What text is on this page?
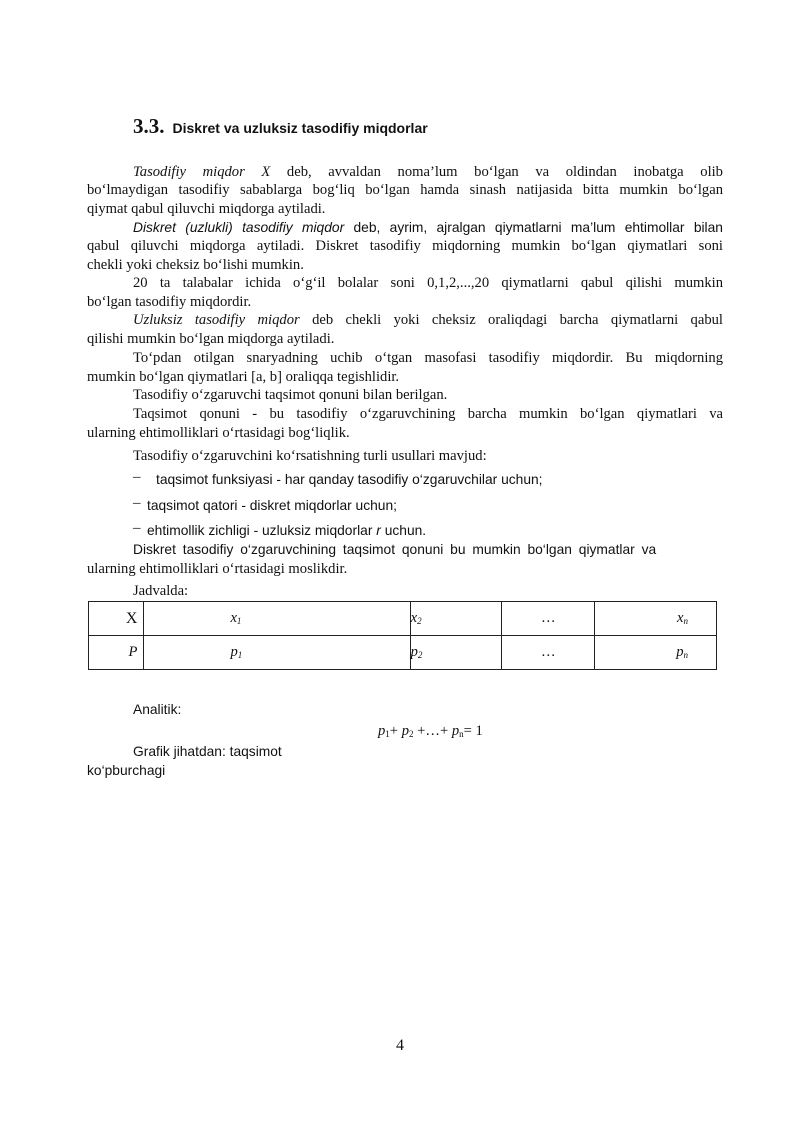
3.3. Diskret va uzluksiz tasodifiy miqdorlar
Tasodifiy miqdor X deb, avvaldan noma’lum bo‘lgan va oldindan inobatga olib
bo‘lmaydigan tasodifiy sabablarga bog‘liq bo‘lgan hamda sinash natijasida bitta mumkin bo‘lgan
qiymat qabul qiluvchi miqdorga aytiladi.
Diskret (uzlukli) tasodifiy miqdor deb, ayrim, ajralgan qiymatlarni ma’lum ehtimollar bilan
qabul qiluvchi miqdorga aytiladi. Diskret tasodifiy miqdorning mumkin bo‘lgan qiymatlari soni
chekli yoki cheksiz bo‘lishi mumkin.
20 ta talabalar ichida o‘g‘il bolalar soni 0,1,2,...,20 qiymatlarni qabul qilishi mumkin
bo‘lgan tasodifiy miqdordir.
Uzluksiz tasodifiy miqdor deb chekli yoki cheksiz oraliqdagi barcha qiymatlarni qabul
qilishi mumkin bo‘lgan miqdorga aytiladi.
To‘pdan otilgan snaryadning uchib o‘tgan masofasi tasodifiy miqdordir. Bu miqdorning
mumkin bo‘lgan qiymatlari [a, b] oraliqqa tegishlidir.
Tasodifiy o‘zgaruvchi taqsimot qonuni bilan berilgan.
Taqsimot qonuni - bu tasodifiy o‘zgaruvchining barcha mumkin bo‘lgan qiymatlari va
ularning ehtimolliklari o‘rtasidagi bog‘liqlik.
Tasodifiy o‘zgaruvchini ko‘rsatishning turli usullari mavjud:
– taqsimot funksiyasi - har qanday tasodifiy o‘zgaruvchilar uchun;
– taqsimot qatori - diskret miqdorlar uchun;
– ehtimollik zichligi - uzluksiz miqdorlar r uchun.
Diskret tasodifiy o‘zgaruvchining taqsimot qonuni bu mumkin bo‘lgan qiymatlar va
ularning ehtimolliklari o‘rtasidagi moslikdir.
Jadvalda:
X	$x_1$	$x_2$	…	$x_n$
P	$p_1$	$p_2$	…	$p_n$
Analitik:
$p_1+ p_2$ +…+ $p_n= 1$
Grafik jihatdan: taqsimot
ko‘pburchagi
4
